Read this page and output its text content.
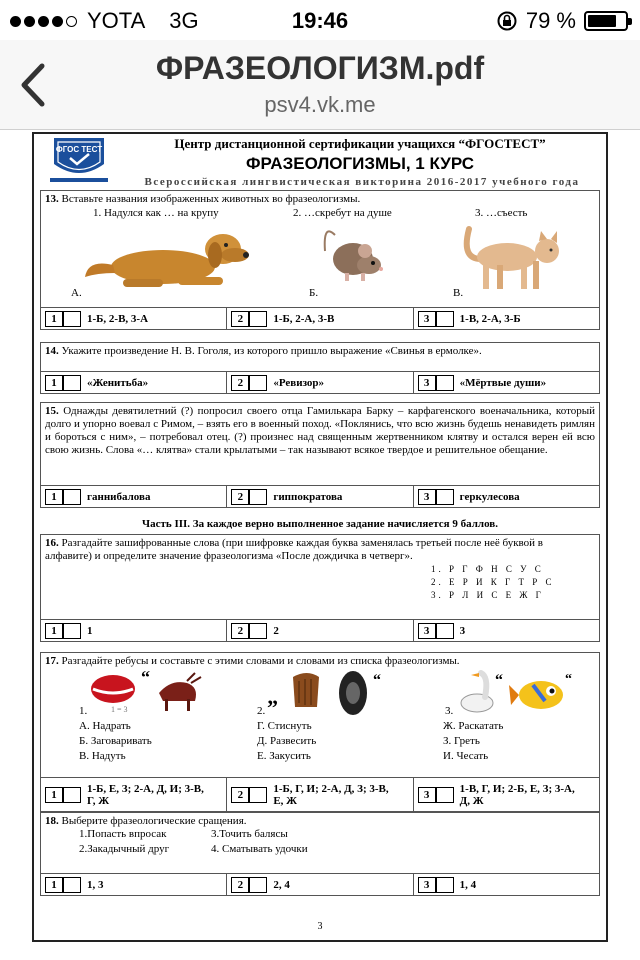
YOTA 3G	19:46	79 %
ФРАЗЕОЛОГИЗМ.pdf
psv4.vk.me
ФГОС ТЕСТ	Центр дистанционной сертификации учащихся “ФГОСТЕСТ”
ФРАЗЕОЛОГИЗМЫ, 1 КУРС
Всероссийская лингвистическая викторина 2016-2017 учебного года
13. Вставьте названия изображенных животных во фразеологизмы.
1. Надулся как … на крупу	2. …скребут на душе	3. …съесть
А.	Б.	В.
1	1-Б, 2-В, 3-А	2	1-Б, 2-А, 3-В	3	1-В, 2-А, 3-Б
14. Укажите произведение Н. В. Гоголя, из которого пришло выражение «Свинья в ермолке».
1	«Женитьба»	2	«Ревизор»	3	«Мёртвые души»
15. Однажды девятилетний (?) попросил своего отца Гамилькара Барку – карфагенского военачальника, который долго и упорно воевал с Римом, – взять его в военный поход. «Поклянись, что всю жизнь будешь ненавидеть римлян и бороться с ним», – потребовал отец. (?) произнес над священным жертвенником клятву и остался верен ей всю свою жизнь. Слова «… клятва» стали крылатыми – так называют всякое твердое и решительное обещание.
1	ганнибалова	2	гиппократова	3	геркулесова
Часть III. За каждое верно выполненное задание начисляется 9 баллов.
16. Разгадайте зашифрованные слова (при шифровке каждая буква заменялась третьей после неё буквой в алфавите) и определите значение фразеологизма «После дождичка в четверг».
1. Р Г Ф Н С У С
2. Е Р И К Г Т Р С
3. Р Л И С Е Ж Г
1	1	2	2	3	3
17. Разгадайте ребусы и составьте с этими словами и словами из списка фразеологизмы.
“
1.	1 = 3	”
“
2.
“	“
3.
А. Надрать
Б. Заговаривать
В. Надуть
Г. Стиснуть
Д. Развесить
Е. Закусить
Ж. Раскатать
З. Греть
И. Чесать
1	1-Б, Е, З; 2-А, Д, И; 3-В, Г, Ж	2	1-Б, Г, И; 2-А, Д, З; 3-В, Е, Ж	3	1-В, Г, И; 2-Б, Е, З; 3-А, Д, Ж
18. Выберите фразеологические сращения.
1.Попасть впросак
2.Закадычный друг
3.Точить балясы
4. Сматывать удочки
1	1, 3	2	2, 4	3	1, 4
3
